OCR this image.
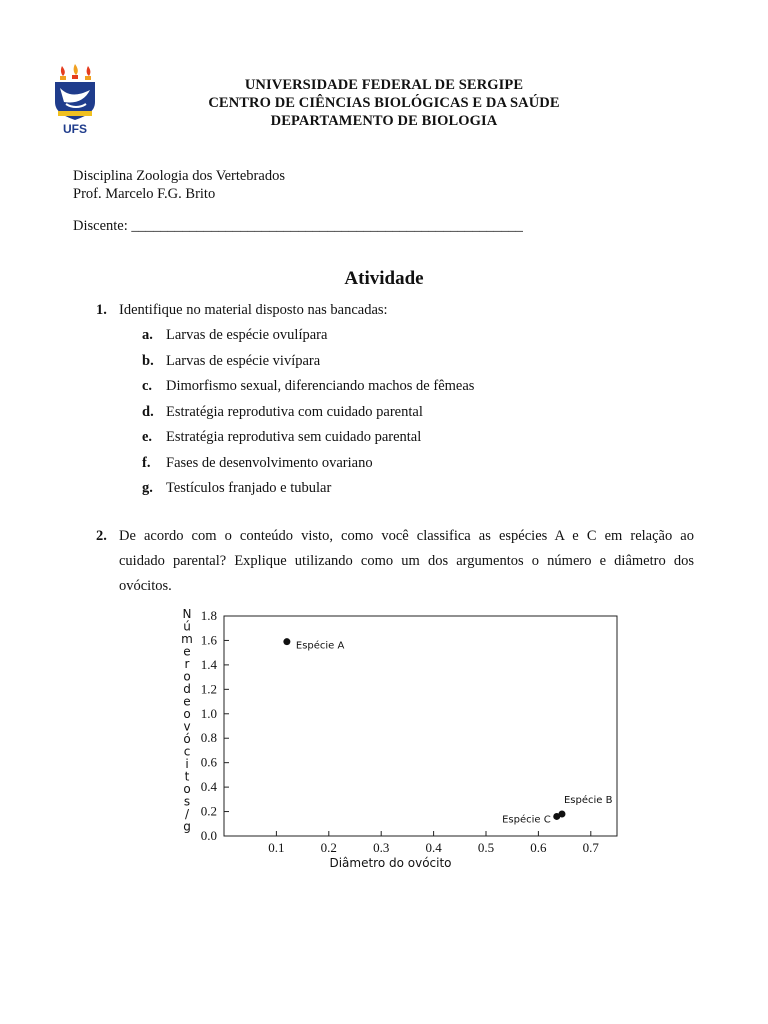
UFS
UNIVERSIDADE FEDERAL DE SERGIPE
CENTRO DE CIÊNCIAS BIOLÓGICAS E DA SAÚDE
DEPARTAMENTO DE BIOLOGIA
Disciplina Zoologia dos Vertebrados
Prof. Marcelo F.G. Brito
Discente: ______________________________________________________
Atividade
1. Identifique no material disposto nas bancadas:
a. Larvas de espécie ovulípara
b. Larvas de espécie vivípara
c. Dimorfismo sexual, diferenciando machos de fêmeas
d. Estratégia reprodutiva com cuidado parental
e. Estratégia reprodutiva sem cuidado parental
f. Fases de desenvolvimento ovariano
g. Testículos franjado e tubular
2. De acordo com o conteúdo visto, como você classifica as espécies A e C em relação ao
cuidado parental? Explique utilizando como um dos argumentos o número e diâmetro dos
ovócitos.
0.0
0.2
0.4
0.6
0.8
1.0
1.2
1.4
1.6
1.8
0.1	0.2	0.3	0.4	0.5	0.6	0.7
Diâmetro do ovócito
N
ú
m
e
r
o
d
e
o
v
ó
c
i
t
o
s
/
g
Espécie A
Espécie B
Espécie C
